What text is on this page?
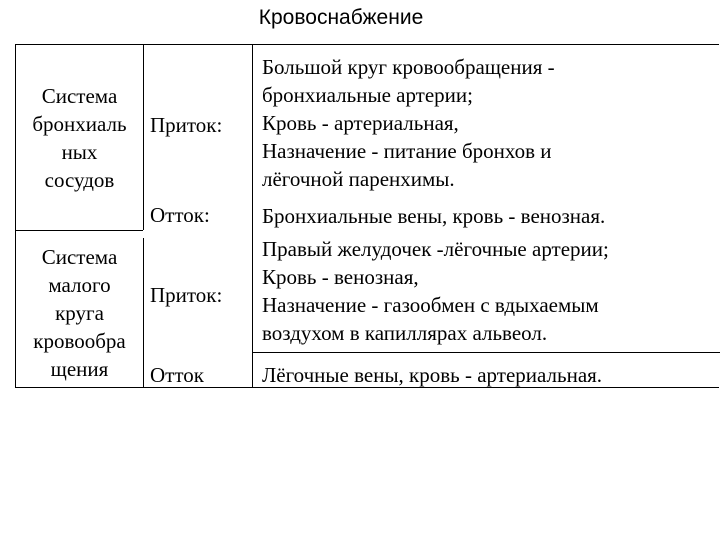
Кровоснабжение
Система
бронхиаль
ных
сосудов
Приток:
Большой круг кровообращения -
бронхиальные артерии;
Кровь - артериальная,
Назначение - питание бронхов и
лёгочной паренхимы.
Отток: Бронхиальные вены, кровь - венозная.
Система
малого
круга
кровообра
щения
Приток:
Правый желудочек -лёгочные артерии;
Кровь - венозная,
Назначение - газообмен с вдыхаемым
воздухом в капиллярах альвеол.
Отток	Лёгочные вены, кровь - артериальная.
